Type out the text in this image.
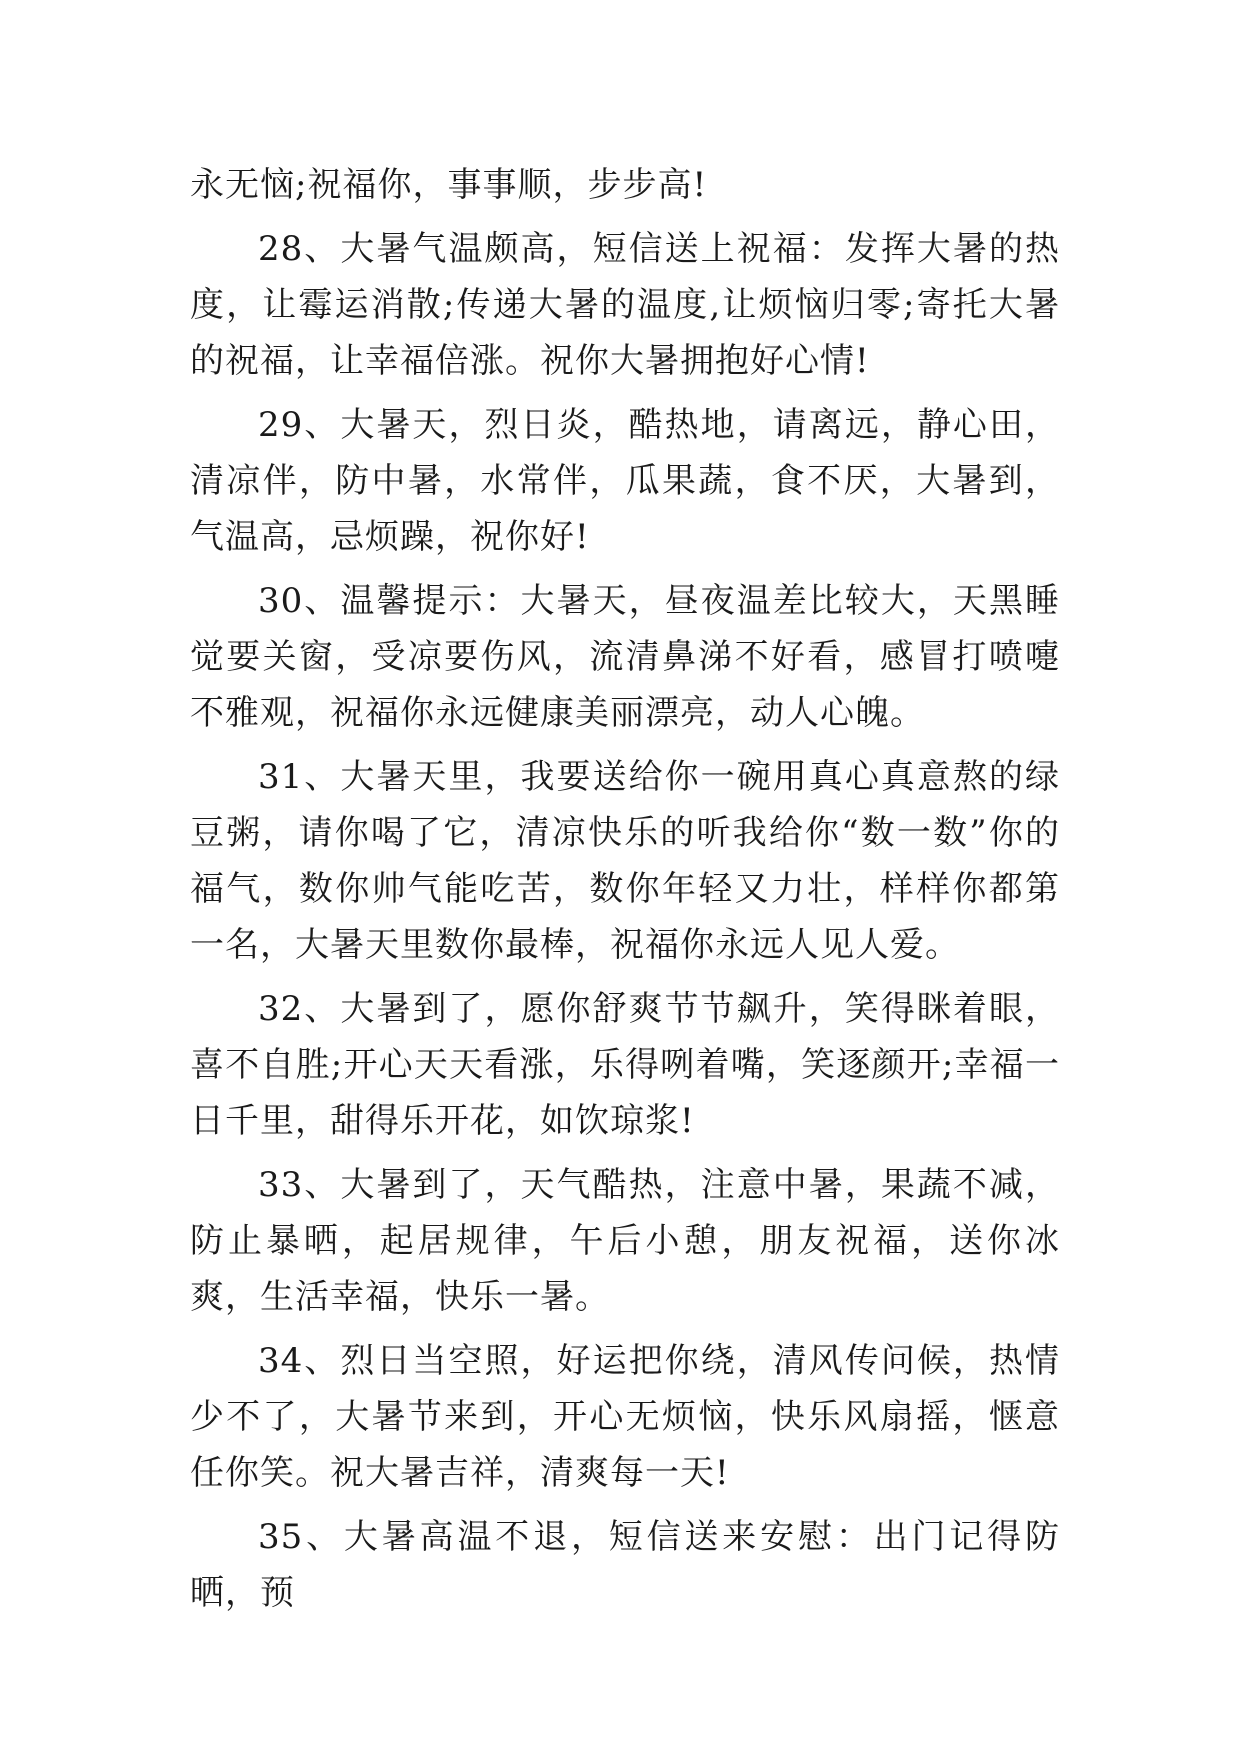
永无恼;祝福你，事事顺，步步高!

28、大暑气温颇高，短信送上祝福：发挥大暑的热度，让霉运消散;传递大暑的温度,让烦恼归零;寄托大暑的祝福，让幸福倍涨。祝你大暑拥抱好心情!

29、大暑天，烈日炎，酷热地，请离远，静心田，清凉伴，防中暑，水常伴，瓜果蔬，食不厌，大暑到，气温高，忌烦躁，祝你好!

30、温馨提示：大暑天，昼夜温差比较大，天黑睡觉要关窗，受凉要伤风，流清鼻涕不好看，感冒打喷嚏不雅观，祝福你永远健康美丽漂亮，动人心魄。

31、大暑天里，我要送给你一碗用真心真意熬的绿豆粥，请你喝了它，清凉快乐的听我给你“数一数”你的福气，数你帅气能吃苦，数你年轻又力壮，样样你都第一名，大暑天里数你最棒，祝福你永远人见人爱。

32、大暑到了，愿你舒爽节节飙升，笑得眯着眼，喜不自胜;开心天天看涨，乐得咧着嘴，笑逐颜开;幸福一日千里，甜得乐开花，如饮琼浆!

33、大暑到了，天气酷热，注意中暑，果蔬不减，防止暴晒，起居规律，午后小憩，朋友祝福，送你冰爽，生活幸福，快乐一暑。

34、烈日当空照，好运把你绕，清风传问候，热情少不了，大暑节来到，开心无烦恼，快乐风扇摇，惬意任你笑。祝大暑吉祥，清爽每一天!

35、大暑高温不退，短信送来安慰：出门记得防晒，预
